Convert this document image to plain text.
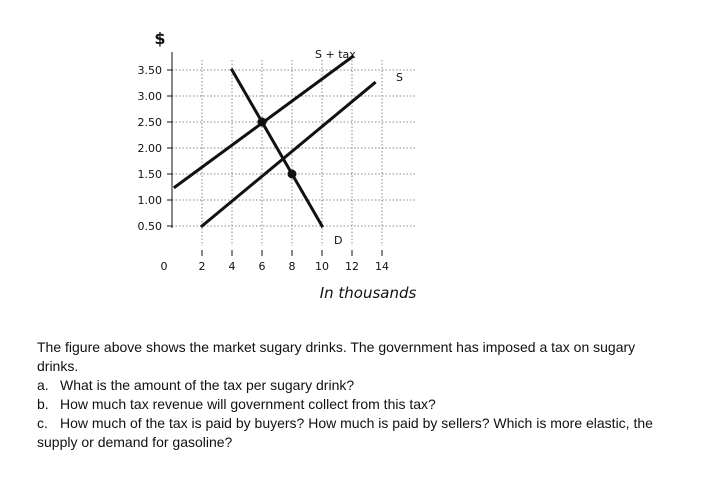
3.50
3.00
2.50
2.00
1.50
1.00
0.50
0	2 4 6 8 10 12 14
S + tax
S
D
$
In thousands

The figure above shows the market sugary drinks. The government has imposed a tax on sugary drinks.

a. What is the amount of the tax per sugary drink?
b. How much tax revenue will government collect from this tax?
c. How much of the tax is paid by buyers? How much is paid by sellers? Which is more elastic, the supply or demand for gasoline?
